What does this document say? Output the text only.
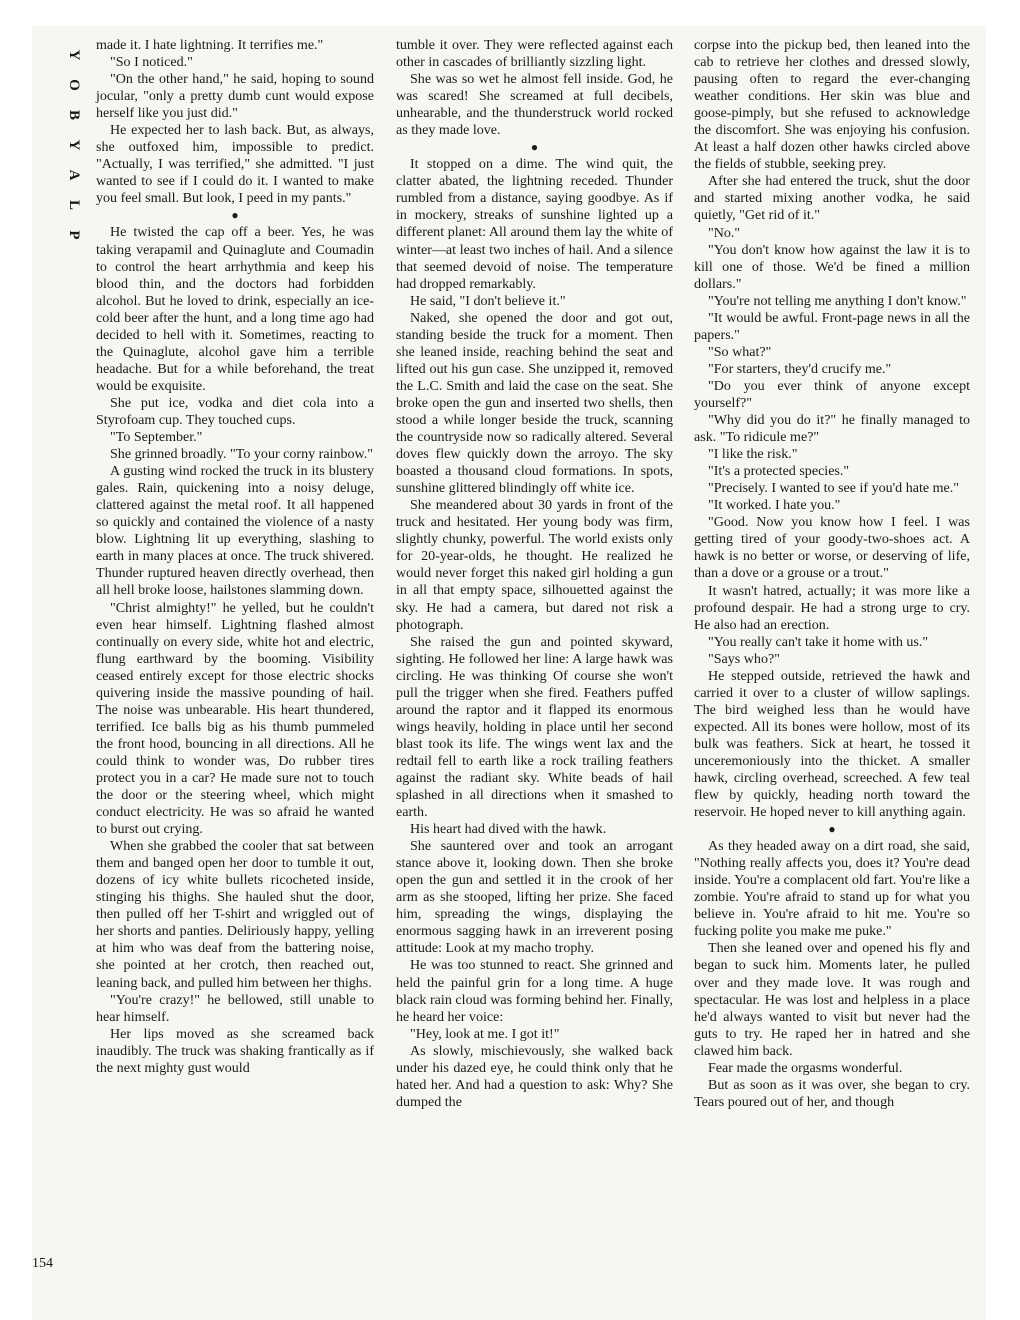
Y
O
B
Y
A
L
P
154

made it. I hate lightning. It terrifies me."

"So I noticed."

"On the other hand," he said, hoping to sound jocular, "only a pretty dumb cunt would expose herself like you just did."

He expected her to lash back. But, as always, she outfoxed him, impossible to predict. "Actually, I was terrified," she admitted. "I just wanted to see if I could do it. I wanted to make you feel small. But look, I peed in my pants."

●

He twisted the cap off a beer. Yes, he was taking verapamil and Quinaglute and Coumadin to control the heart arrhythmia and keep his blood thin, and the doctors had forbidden alcohol. But he loved to drink, especially an ice-cold beer after the hunt, and a long time ago had decided to hell with it. Sometimes, reacting to the Quinaglute, alcohol gave him a terrible headache. But for a while beforehand, the treat would be exquisite.

She put ice, vodka and diet cola into a Styrofoam cup. They touched cups.

"To September."

She grinned broadly. "To your corny rainbow."

A gusting wind rocked the truck in its blustery gales. Rain, quickening into a noisy deluge, clattered against the metal roof. It all happened so quickly and contained the violence of a nasty blow. Lightning lit up everything, slashing to earth in many places at once. The truck shivered. Thunder ruptured heaven directly overhead, then all hell broke loose, hailstones slamming down.

"Christ almighty!" he yelled, but he couldn't even hear himself. Lightning flashed almost continually on every side, white hot and electric, flung earthward by the booming. Visibility ceased entirely except for those electric shocks quivering inside the massive pounding of hail. The noise was unbearable. His heart thundered, terrified. Ice balls big as his thumb pummeled the front hood, bouncing in all directions. All he could think to wonder was, Do rubber tires protect you in a car? He made sure not to touch the door or the steering wheel, which might conduct electricity. He was so afraid he wanted to burst out crying.

When she grabbed the cooler that sat between them and banged open her door to tumble it out, dozens of icy white bullets ricocheted inside, stinging his thighs. She hauled shut the door, then pulled off her T-shirt and wriggled out of her shorts and panties. Deliriously happy, yelling at him who was deaf from the battering noise, she pointed at her crotch, then reached out, leaning back, and pulled him between her thighs.

"You're crazy!" he bellowed, still unable to hear himself.

Her lips moved as she screamed back inaudibly. The truck was shaking frantically as if the next mighty gust would

tumble it over. They were reflected against each other in cascades of brilliantly sizzling light.

She was so wet he almost fell inside. God, he was scared! She screamed at full decibels, unhearable, and the thunderstruck world rocked as they made love.

●

It stopped on a dime. The wind quit, the clatter abated, the lightning receded. Thunder rumbled from a distance, saying goodbye. As if in mockery, streaks of sunshine lighted up a different planet: All around them lay the white of winter—at least two inches of hail. And a silence that seemed devoid of noise. The temperature had dropped remarkably.

He said, "I don't believe it."

Naked, she opened the door and got out, standing beside the truck for a moment. Then she leaned inside, reaching behind the seat and lifted out his gun case. She unzipped it, removed the L.C. Smith and laid the case on the seat. She broke open the gun and inserted two shells, then stood a while longer beside the truck, scanning the countryside now so radically altered. Several doves flew quickly down the arroyo. The sky boasted a thousand cloud formations. In spots, sunshine glittered blindingly off white ice.

She meandered about 30 yards in front of the truck and hesitated. Her young body was firm, slightly chunky, powerful. The world exists only for 20-year-olds, he thought. He realized he would never forget this naked girl holding a gun in all that empty space, silhouetted against the sky. He had a camera, but dared not risk a photograph.

She raised the gun and pointed skyward, sighting. He followed her line: A large hawk was circling. He was thinking Of course she won't pull the trigger when she fired. Feathers puffed around the raptor and it flapped its enormous wings heavily, holding in place until her second blast took its life. The wings went lax and the redtail fell to earth like a rock trailing feathers against the radiant sky. White beads of hail splashed in all directions when it smashed to earth.

His heart had dived with the hawk.

She sauntered over and took an arrogant stance above it, looking down. Then she broke open the gun and settled it in the crook of her arm as she stooped, lifting her prize. She faced him, spreading the wings, displaying the enormous sagging hawk in an irreverent posing attitude: Look at my macho trophy.

He was too stunned to react. She grinned and held the painful grin for a long time. A huge black rain cloud was forming behind her. Finally, he heard her voice:

"Hey, look at me. I got it!"

As slowly, mischievously, she walked back under his dazed eye, he could think only that he hated her. And had a question to ask: Why? She dumped the

corpse into the pickup bed, then leaned into the cab to retrieve her clothes and dressed slowly, pausing often to regard the ever-changing weather conditions. Her skin was blue and goose-pimply, but she refused to acknowledge the discomfort. She was enjoying his confusion. At least a half dozen other hawks circled above the fields of stubble, seeking prey.

After she had entered the truck, shut the door and started mixing another vodka, he said quietly, "Get rid of it."

"No."

"You don't know how against the law it is to kill one of those. We'd be fined a million dollars."

"You're not telling me anything I don't know."

"It would be awful. Front-page news in all the papers."

"So what?"

"For starters, they'd crucify me."

"Do you ever think of anyone except yourself?"

"Why did you do it?" he finally managed to ask. "To ridicule me?"

"I like the risk."

"It's a protected species."

"Precisely. I wanted to see if you'd hate me."

"It worked. I hate you."

"Good. Now you know how I feel. I was getting tired of your goody-two-shoes act. A hawk is no better or worse, or deserving of life, than a dove or a grouse or a trout."

It wasn't hatred, actually; it was more like a profound despair. He had a strong urge to cry. He also had an erection.

"You really can't take it home with us."

"Says who?"

He stepped outside, retrieved the hawk and carried it over to a cluster of willow saplings. The bird weighed less than he would have expected. All its bones were hollow, most of its bulk was feathers. Sick at heart, he tossed it unceremoniously into the thicket. A smaller hawk, circling overhead, screeched. A few teal flew by quickly, heading north toward the reservoir. He hoped never to kill anything again.

●

As they headed away on a dirt road, she said, "Nothing really affects you, does it? You're dead inside. You're a complacent old fart. You're like a zombie. You're afraid to stand up for what you believe in. You're afraid to hit me. You're so fucking polite you make me puke."

Then she leaned over and opened his fly and began to suck him. Moments later, he pulled over and they made love. It was rough and spectacular. He was lost and helpless in a place he'd always wanted to visit but never had the guts to try. He raped her in hatred and she clawed him back.

Fear made the orgasms wonderful.

But as soon as it was over, she began to cry. Tears poured out of her, and though
